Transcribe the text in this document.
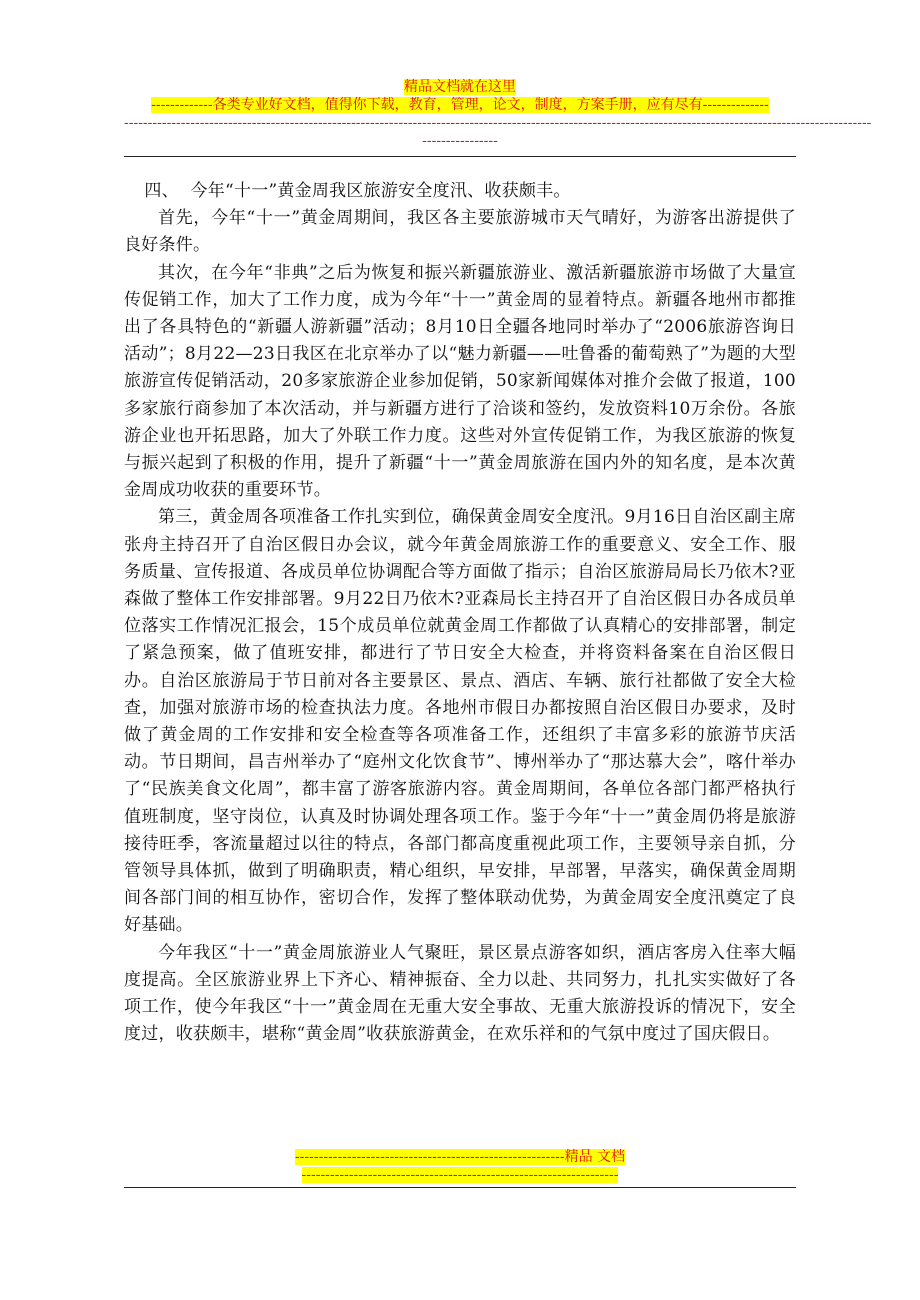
精品文档就在这里
-------------各类专业好文档，值得你下载，教育，管理，论文，制度，方案手册，应有尽有--------------
--------------------------------------------------------------------------------------------------------------------------------------------------------------
----------------

四、 今年“十一”黄金周我区旅游安全度汛、收获颇丰。

首先，今年“十一”黄金周期间，我区各主要旅游城市天气晴好，为游客出游提供了良好条件。

其次，在今年“非典”之后为恢复和振兴新疆旅游业、激活新疆旅游市场做了大量宣传促销工作，加大了工作力度，成为今年“十一”黄金周的显着特点。新疆各地州市都推出了各具特色的“新疆人游新疆”活动；8月10日全疆各地同时举办了“2006旅游咨询日活动”；8月22—23日我区在北京举办了以“魅力新疆——吐鲁番的葡萄熟了”为题的大型旅游宣传促销活动，20多家旅游企业参加促销，50家新闻媒体对推介会做了报道，100多家旅行商参加了本次活动，并与新疆方进行了洽谈和签约，发放资料10万余份。各旅游企业也开拓思路，加大了外联工作力度。这些对外宣传促销工作，为我区旅游的恢复与振兴起到了积极的作用，提升了新疆“十一”黄金周旅游在国内外的知名度，是本次黄金周成功收获的重要环节。

第三，黄金周各项准备工作扎实到位，确保黄金周安全度汛。9月16日自治区副主席张舟主持召开了自治区假日办会议，就今年黄金周旅游工作的重要意义、安全工作、服务质量、宣传报道、各成员单位协调配合等方面做了指示；自治区旅游局局长乃依木?亚森做了整体工作安排部署。9月22日乃依木?亚森局长主持召开了自治区假日办各成员单位落实工作情况汇报会，15个成员单位就黄金周工作都做了认真精心的安排部署，制定了紧急预案，做了值班安排，都进行了节日安全大检查，并将资料备案在自治区假日办。自治区旅游局于节日前对各主要景区、景点、酒店、车辆、旅行社都做了安全大检查，加强对旅游市场的检查执法力度。各地州市假日办都按照自治区假日办要求，及时做了黄金周的工作安排和安全检查等各项准备工作，还组织了丰富多彩的旅游节庆活动。节日期间，昌吉州举办了“庭州文化饮食节”、博州举办了“那达慕大会”，喀什举办了“民族美食文化周”，都丰富了游客旅游内容。黄金周期间，各单位各部门都严格执行值班制度，坚守岗位，认真及时协调处理各项工作。鉴于今年“十一”黄金周仍将是旅游接待旺季，客流量超过以往的特点，各部门都高度重视此项工作，主要领导亲自抓，分管领导具体抓，做到了明确职责，精心组织，早安排，早部署，早落实，确保黄金周期间各部门间的相互协作，密切合作，发挥了整体联动优势，为黄金周安全度汛奠定了良好基础。

今年我区“十一”黄金周旅游业人气聚旺，景区景点游客如织，酒店客房入住率大幅度提高。全区旅游业界上下齐心、精神振奋、全力以赴、共同努力，扎扎实实做好了各项工作，使今年我区“十一”黄金周在无重大安全事故、无重大旅游投诉的情况下，安全度过，收获颇丰，堪称“黄金周”收获旅游黄金，在欢乐祥和的气氛中度过了国庆假日。

---------------------------------------------------------精品 文档
-------------------------------------------------------------------
